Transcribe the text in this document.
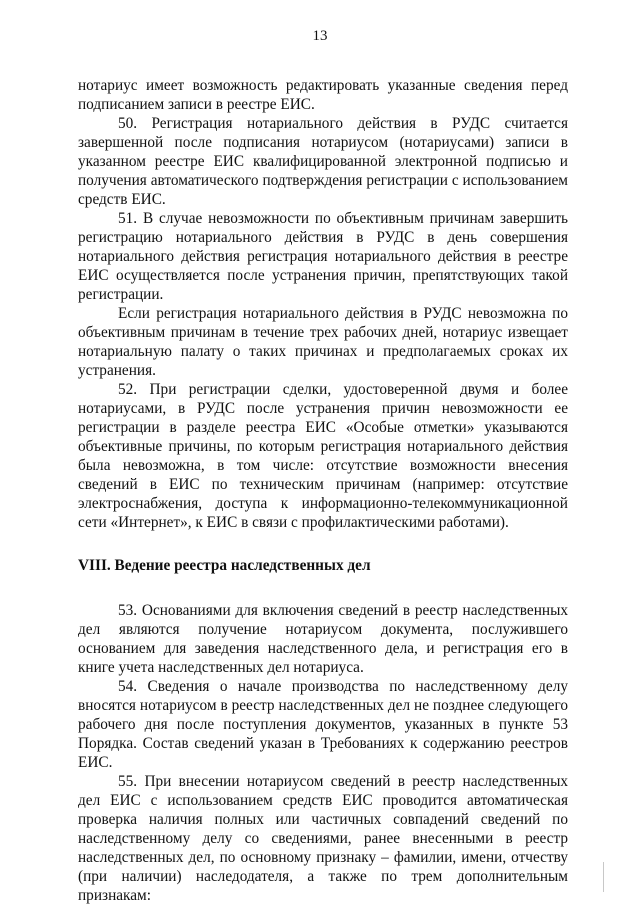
13

нотариус имеет возможность редактировать указанные сведения перед подписанием записи в реестре ЕИС.

50. Регистрация нотариального действия в РУДС считается завершенной после подписания нотариусом (нотариусами) записи в указанном реестре ЕИС квалифицированной электронной подписью и получения автоматического подтверждения регистрации с использованием средств ЕИС.

51. В случае невозможности по объективным причинам завершить регистрацию нотариального действия в РУДС в день совершения нотариального действия регистрация нотариального действия в реестре ЕИС осуществляется после устранения причин, препятствующих такой регистрации.

Если регистрация нотариального действия в РУДС невозможна по объективным причинам в течение трех рабочих дней, нотариус извещает нотариальную палату о таких причинах и предполагаемых сроках их устранения.

52. При регистрации сделки, удостоверенной двумя и более нотариусами, в РУДС после устранения причин невозможности ее регистрации в разделе реестра ЕИС «Особые отметки» указываются объективные причины, по которым регистрация нотариального действия была невозможна, в том числе: отсутствие возможности внесения сведений в ЕИС по техническим причинам (например: отсутствие электроснабжения, доступа к информационно-телекоммуникационной сети «Интернет», к ЕИС в связи с профилактическими работами).

VIII. Ведение реестра наследственных дел

53. Основаниями для включения сведений в реестр наследственных дел являются получение нотариусом документа, послужившего основанием для заведения наследственного дела, и регистрация его в книге учета наследственных дел нотариуса.

54. Сведения о начале производства по наследственному делу вносятся нотариусом в реестр наследственных дел не позднее следующего рабочего дня после поступления документов, указанных в пункте 53 Порядка. Состав сведений указан в Требованиях к содержанию реестров ЕИС.

55. При внесении нотариусом сведений в реестр наследственных дел ЕИС с использованием средств ЕИС проводится автоматическая проверка наличия полных или частичных совпадений сведений по наследственному делу со сведениями, ранее внесенными в реестр наследственных дел, по основному признаку – фамилии, имени, отчеству (при наличии) наследодателя, а также по трем дополнительным признакам:
